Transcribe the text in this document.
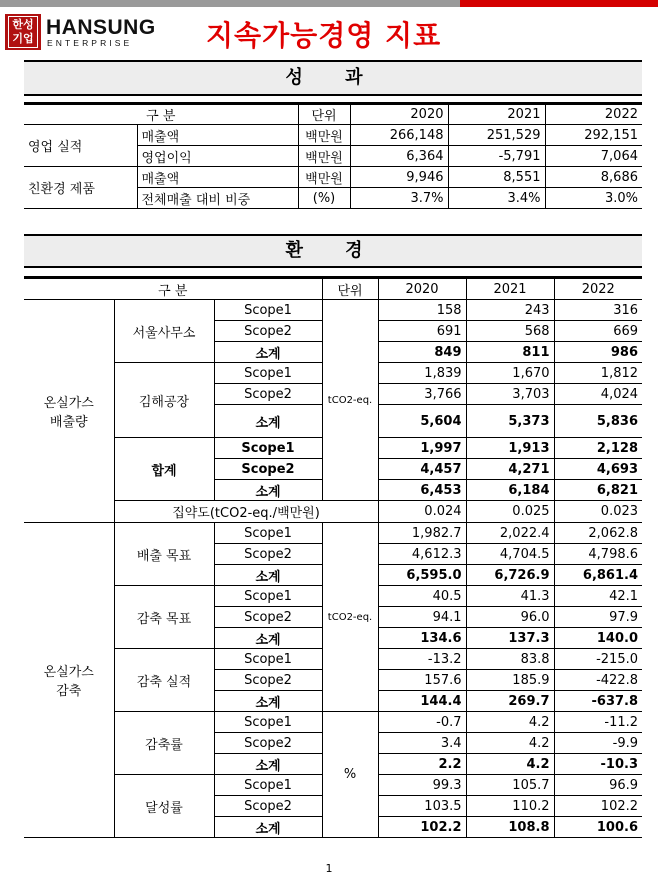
한성기업 HANSUNG
ENTERPRISE	지속가능경영 지표
성 과
구 분		단위	2020	2021	2022
영업 실적	매출액	백만원	266,148	251,529	292,151
	영업이익	백만원	6,364	-5,791	7,064
친환경 제품	매출액	백만원	9,946	8,551	8,686
	전체매출 대비 비중	(%)	3.7%	3.4%	3.0%
환 경
구 분			단위	2020	2021	2022
온실가스
배출량	서울사무소	Scope1	tCO2-eq.	158	243	316
		Scope2		691	568	669
		소계		849	811	986
	김해공장	Scope1		1,839	1,670	1,812
		Scope2		3,766	3,703	4,024
		소계		5,604	5,373	5,836
	합계	Scope1		1,997	1,913	2,128
		Scope2		4,457	4,271	4,693
		소계		6,453	6,184	6,821
	집약도(tCO2-eq./백만원)			0.024	0.025	0.023
온실가스
감축	배출 목표	Scope1	tCO2-eq.	1,982.7	2,022.4	2,062.8
		Scope2		4,612.3	4,704.5	4,798.6
		소계		6,595.0	6,726.9	6,861.4
	감축 목표	Scope1		40.5	41.3	42.1
		Scope2		94.1	96.0	97.9
		소계		134.6	137.3	140.0
	감축 실적	Scope1		-13.2	83.8	-215.0
		Scope2		157.6	185.9	-422.8
		소계		144.4	269.7	-637.8
	감축률	Scope1	%	-0.7	4.2	-11.2
		Scope2		3.4	4.2	-9.9
		소계		2.2	4.2	-10.3
	달성률	Scope1		99.3	105.7	96.9
		Scope2		103.5	110.2	102.2
		소계		102.2	108.8	100.6
1
